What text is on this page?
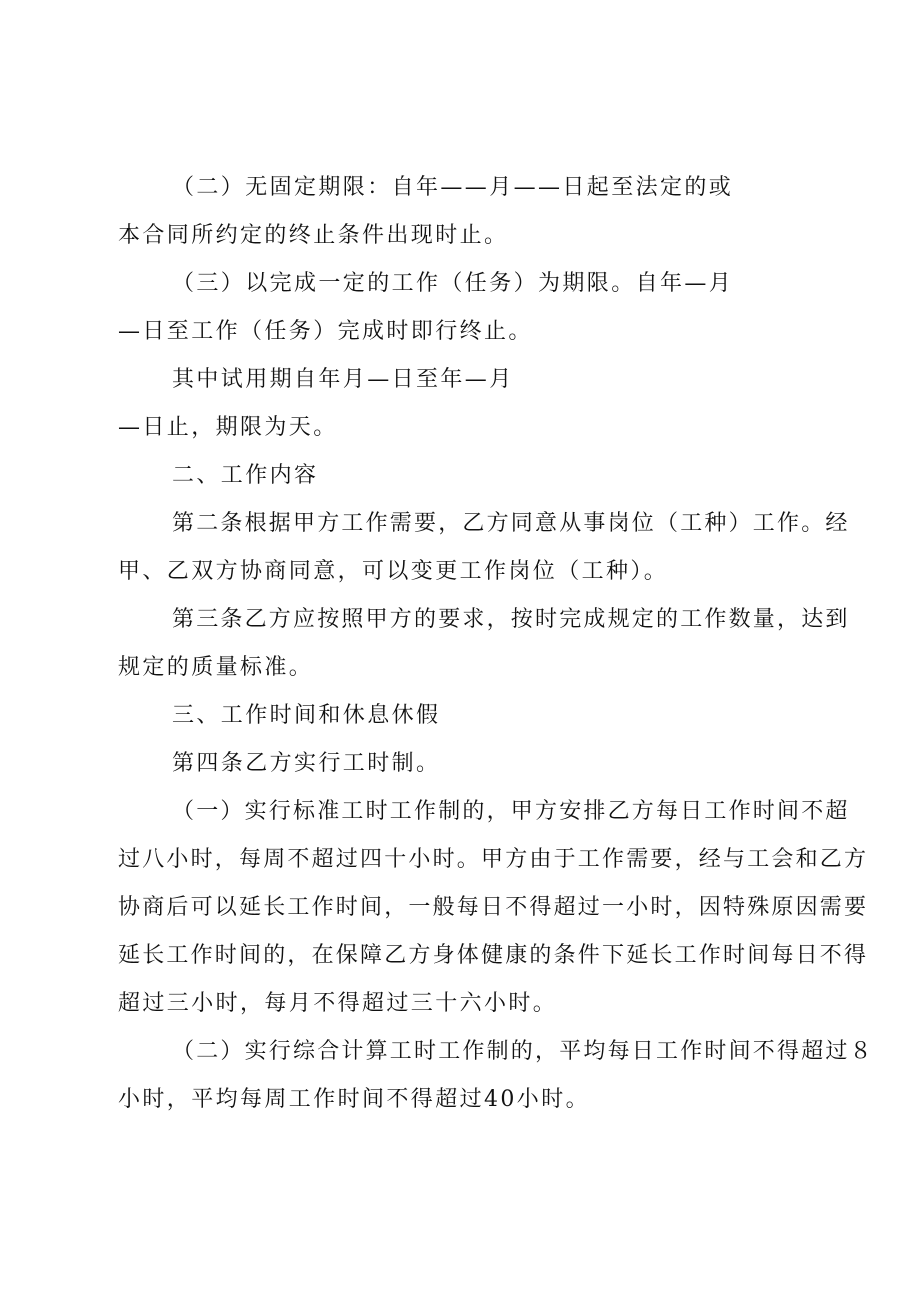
（二）无固定期限：自年——月——日起至法定的或
本合同所约定的终止条件出现时止。
（三）以完成一定的工作（任务）为期限。自年—月
—日至工作（任务）完成时即行终止。
其中试用期自年月—日至年—月
—日止，期限为天。
二、工作内容
第二条根据甲方工作需要，乙方同意从事岗位（工种）工作。经
甲、乙双方协商同意，可以变更工作岗位（工种）。
第三条乙方应按照甲方的要求，按时完成规定的工作数量，达到
规定的质量标准。
三、工作时间和休息休假
第四条乙方实行工时制。
（一）实行标准工时工作制的，甲方安排乙方每日工作时间不超
过八小时，每周不超过四十小时。甲方由于工作需要，经与工会和乙方
协商后可以延长工作时间，一般每日不得超过一小时，因特殊原因需要
延长工作时间的，在保障乙方身体健康的条件下延长工作时间每日不得
超过三小时，每月不得超过三十六小时。
（二）实行综合计算工时工作制的，平均每日工作时间不得超过８
小时，平均每周工作时间不得超过40小时。
